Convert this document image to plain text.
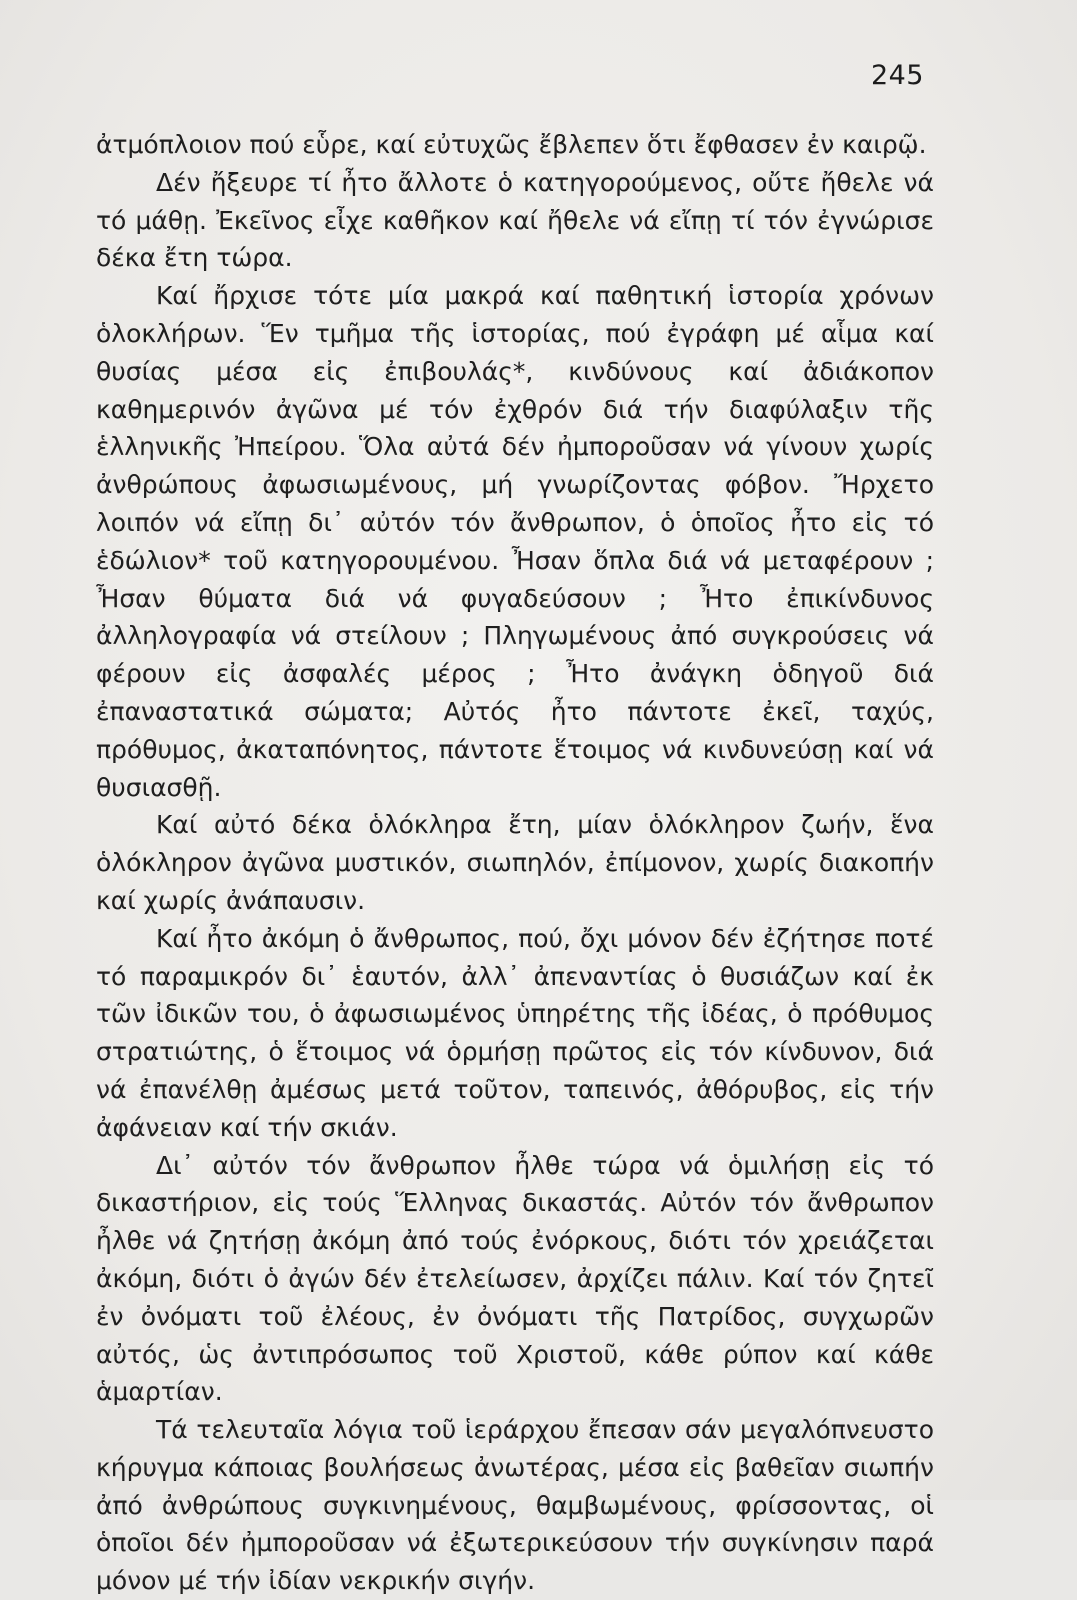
245

ἀτμόπλοιον πού εὗρε, καί εὐτυχῶς ἔβλεπεν ὅτι ἔφθασεν ἐν καιρῷ.

Δέν ἤξευρε τί ἦτο ἄλλοτε ὁ κατηγορούμενος, οὔτε ἤθελε νά τό μάθῃ. Ἐκεῖνος εἶχε καθῆκον καί ἤθελε νά εἴπῃ τί τόν ἐγνώρισε δέκα ἔτη τώρα.

Καί ἤρχισε τότε μία μακρά καί παθητική ἱστορία χρόνων ὁλοκλήρων. Ἕν τμῆμα τῆς ἱστορίας, πού ἐγράφη μέ αἷμα καί θυσίας μέσα εἰς ἐπιβουλάς*, κινδύνους καί ἀδιάκοπον καθημερινόν ἀγῶνα μέ τόν ἐχθρόν διά τήν διαφύλαξιν τῆς ἑλληνικῆς Ἠπείρου. Ὅλα αὐτά δέν ἠμποροῦσαν νά γίνουν χωρίς ἀνθρώπους ἀφωσιωμένους, μή γνωρίζοντας φόβον. Ἤρχετο λοιπόν νά εἴπῃ δι᾽ αὐτόν τόν ἄνθρωπον, ὁ ὁποῖος ἦτο εἰς τό ἑδώλιον* τοῦ κατηγορουμένου. Ἦσαν ὅπλα διά νά μεταφέρουν ; Ἦσαν θύματα διά νά φυγαδεύσουν ; Ἦτο ἐπικίνδυνος ἀλληλογραφία νά στείλουν ; Πληγωμένους ἀπό συγκρούσεις νά φέρουν εἰς ἀσφαλές μέρος ; Ἦτο ἀνάγκη ὁδηγοῦ διά ἐπαναστατικά σώματα; Αὐτός ἦτο πάντοτε ἐκεῖ, ταχύς, πρόθυμος, ἀκαταπόνητος, πάντοτε ἕτοιμος νά κινδυνεύσῃ καί νά θυσιασθῇ.

Καί αὐτό δέκα ὁλόκληρα ἔτη, μίαν ὁλόκληρον ζωήν, ἕνα ὁλόκληρον ἀγῶνα μυστικόν, σιωπηλόν, ἐπίμονον, χωρίς διακοπήν καί χωρίς ἀνάπαυσιν.

Καί ἦτο ἀκόμη ὁ ἄνθρωπος, πού, ὄχι μόνον δέν ἐζήτησε ποτέ τό παραμικρόν δι᾽ ἑαυτόν, ἀλλ᾽ ἀπεναντίας ὁ θυσιάζων καί ἐκ τῶν ἰδικῶν του, ὁ ἀφωσιωμένος ὑπηρέτης τῆς ἰδέας, ὁ πρόθυμος στρατιώτης, ὁ ἕτοιμος νά ὁρμήσῃ πρῶτος εἰς τόν κίνδυνον, διά νά ἐπανέλθῃ ἀμέσως μετά τοῦτον, ταπεινός, ἀθόρυβος, εἰς τήν ἀφάνειαν καί τήν σκιάν.

Δι᾽ αὐτόν τόν ἄνθρωπον ἦλθε τώρα νά ὁμιλήσῃ εἰς τό δικαστήριον, εἰς τούς Ἕλληνας δικαστάς. Αὐτόν τόν ἄνθρωπον ἦλθε νά ζητήσῃ ἀκόμη ἀπό τούς ἐνόρκους, διότι τόν χρειάζεται ἀκόμη, διότι ὁ ἀγών δέν ἐτελείωσεν, ἀρχίζει πάλιν. Καί τόν ζητεῖ ἐν ὀνόματι τοῦ ἐλέους, ἐν ὀνόματι τῆς Πατρίδος, συγχωρῶν αὐτός, ὡς ἀντιπρόσωπος τοῦ Χριστοῦ, κάθε ρύπον καί κάθε ἁμαρτίαν.

Τά τελευταῖα λόγια τοῦ ἱεράρχου ἔπεσαν σάν μεγαλόπνευστο κήρυγμα κάποιας βουλήσεως ἀνωτέρας, μέσα εἰς βαθεῖαν σιωπήν ἀπό ἀνθρώπους συγκινημένους, θαμβωμένους, φρίσσοντας, οἱ ὁποῖοι δέν ἠμποροῦσαν νά ἐξωτερικεύσουν τήν συγκίνησιν παρά μόνον μέ τήν ἰδίαν νεκρικήν σιγήν.
